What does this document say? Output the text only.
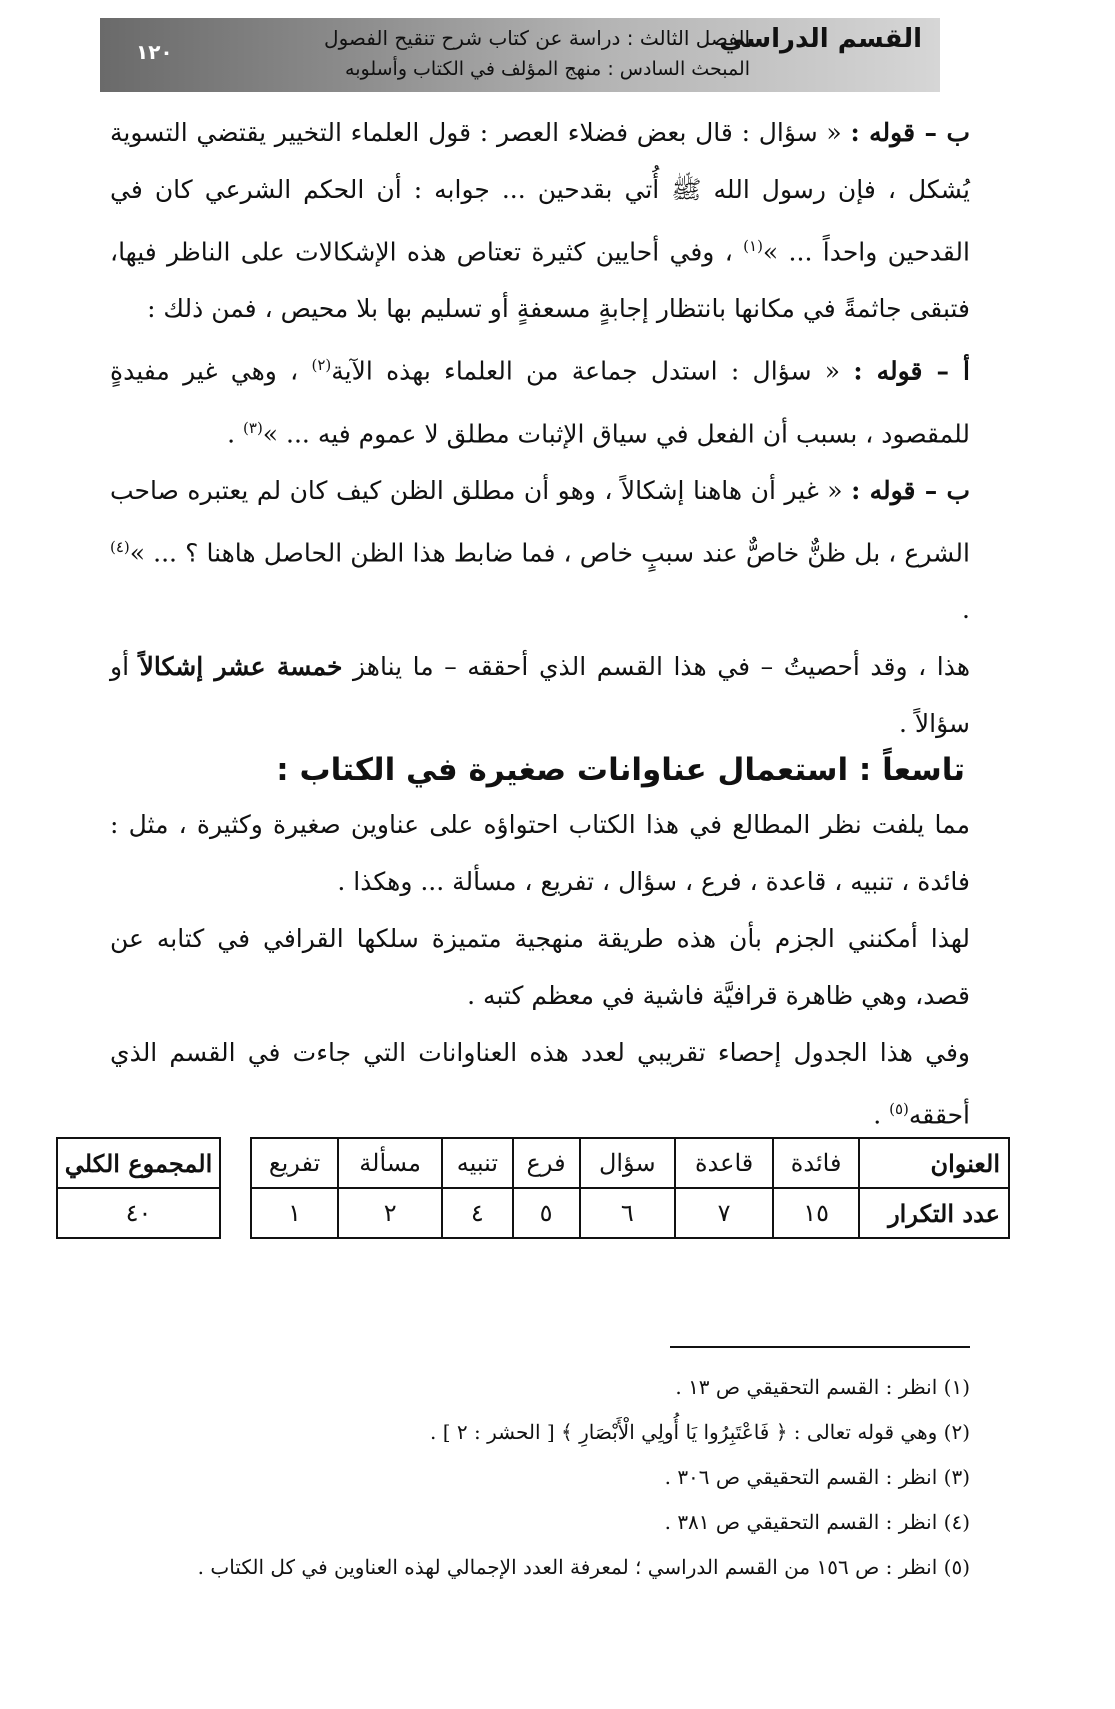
القسم الدراسي
الفصل الثالث : دراسة عن كتاب شرح تنقيح الفصول
المبحث السادس : منهج المؤلف في الكتاب وأسلوبه
١٢٠

ب – قوله : « سؤال : قال بعض فضلاء العصر : قول العلماء التخيير يقتضي التسوية يُشكل ، فإن رسول الله ﷺ أُتي بقدحين ... جوابه : أن الحكم الشرعي كان في القدحين واحداً ... »$^{(١)}$ ، وفي أحايين كثيرة تعتاص هذه الإشكالات على الناظر فيها، فتبقى جاثمةً في مكانها بانتظار إجابةٍ مسعفةٍ أو تسليم بها بلا محيص ، فمن ذلك :

أ – قوله : « سؤال : استدل جماعة من العلماء بهذه الآية$^{(٢)}$ ، وهي غير مفيدةٍ للمقصود ، بسبب أن الفعل في سياق الإثبات مطلق لا عموم فيه ... »$^{(٣)}$ .

ب – قوله : « غير أن هاهنا إشكالاً ، وهو أن مطلق الظن كيف كان لم يعتبره صاحب الشرع ، بل ظنٌّ خاصٌّ عند سببٍ خاص ، فما ضابط هذا الظن الحاصل هاهنا ؟ ... »$^{(٤)}$ .

هذا ، وقد أحصيتُ – في هذا القسم الذي أحققه – ما يناهز خمسة عشر إشكالاً أو سؤالاً .

تاسعاً : استعمال عناوانات صغيرة في الكتاب :

مما يلفت نظر المطالع في هذا الكتاب احتواؤه على عناوين صغيرة وكثيرة ، مثل : فائدة ، تنبيه ، قاعدة ، فرع ، سؤال ، تفريع ، مسألة ... وهكذا .

لهذا أمكنني الجزم بأن هذه طريقة منهجية متميزة سلكها القرافي في كتابه عن قصد، وهي ظاهرة قرافيَّة فاشية في معظم كتبه .

وفي هذا الجدول إحصاء تقريبي لعدد هذه العناوانات التي جاءت في القسم الذي أحققه$^{(٥)}$ .

العنوان	فائدة	قاعدة	سؤال	فرع	تنبيه	مسألة	تفريع
عدد التكرار	١٥	٧	٦	٥	٤	٢	١
المجموع الكلي
٤٠

(١) انظر : القسم التحقيقي ص ١٣ .

(٢) وهي قوله تعالى : ﴿ فَاعْتَبِرُوا يَا أُولِي الْأَبْصَارِ ﴾ [ الحشر : ٢ ] .

(٣) انظر : القسم التحقيقي ص ٣٠٦ .

(٤) انظر : القسم التحقيقي ص ٣٨١ .

(٥) انظر : ص ١٥٦ من القسم الدراسي ؛ لمعرفة العدد الإجمالي لهذه العناوين في كل الكتاب .
